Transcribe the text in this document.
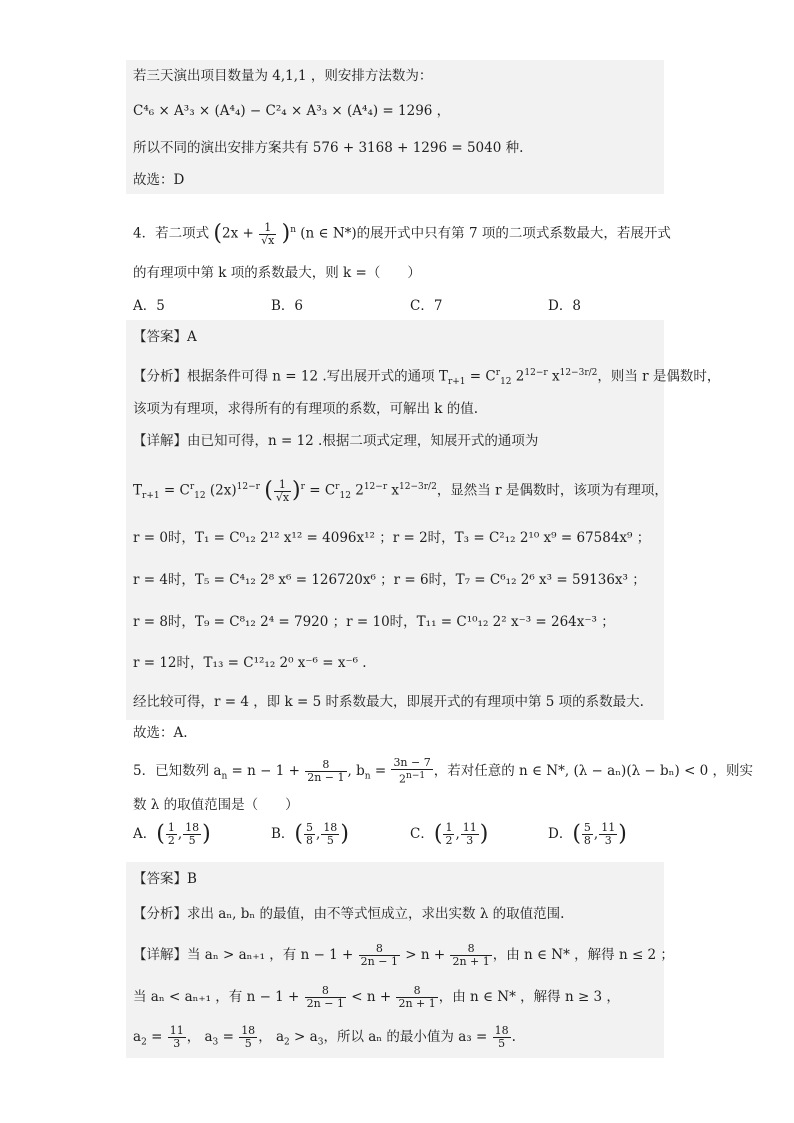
若三天演出项目数量为 4,1,1 ，则安排方法数为：
C⁴₆ × A³₃ × (A⁴₄) − C²₄ × A³₃ × (A⁴₄) = 1296 ，
所以不同的演出安排方案共有 576 + 3168 + 1296 = 5040 种.
故选：D
4．若二项式 $(2x + \frac{1}{√x} )^n$ (n ∈ N*)的展开式中只有第 7 项的二项式系数最大，若展开式
的有理项中第 k 项的系数最大，则 k =（　　）
A．5	B．6	C．7	D．8
【答案】A
【分析】根据条件可得 n = 12 .写出展开式的通项 $T_{r+1} = C^r_{12}$ $2^{12-r}$ $x^{12-3r/2}$，则当 r 是偶数时，
该项为有理项，求得所有的有理项的系数，可解出 k 的值.
【详解】由已知可得，n = 12 .根据二项式定理，知展开式的通项为
$T_{r+1} = C^r_{12}$ $(2x)^{12-r}$ ( $\frac{1}{√x} )^r = C^r_{12}$ $2^{12-r}$ $x^{12-3r/2}$，显然当 r 是偶数时，该项为有理项，
r = 0时，T₁ = C⁰₁₂ 2¹² x¹² = 4096x¹² ；r = 2时，T₃ = C²₁₂ 2¹⁰ x⁹ = 67584x⁹ ；
r = 4时，T₅ = C⁴₁₂ 2⁸ x⁶ = 126720x⁶ ；r = 6时，T₇ = C⁶₁₂ 2⁶ x³ = 59136x³ ；
r = 8时，T₉ = C⁸₁₂ 2⁴ = 7920 ；r = 10时，T₁₁ = C¹⁰₁₂ 2² x⁻³ = 264x⁻³ ；
r = 12时，T₁₃ = C¹²₁₂ 2⁰ x⁻⁶ = x⁻⁶ .
经比较可得，r = 4 ，即 k = 5 时系数最大，即展开式的有理项中第 5 项的系数最大.
故选：A.
5．已知数列 $a_n = n - 1 + \frac{8}{2n - 1}$ , $b_n = \frac{3n - 7}{2^{n-1}}$ ，若对任意的 n ∈ N*, (λ − aₙ)(λ − bₙ) < 0 ，则实
数 λ 的取值范围是（　　）
A．( $\frac{1}{2}$ , $\frac{18}{5}$ )	B．( $\frac{5}{8}$ , $\frac{18}{5}$ )	C．( $\frac{1}{2}$ , $\frac{11}{3}$ )	D．( $\frac{5}{8}$ , $\frac{11}{3}$ )
【答案】B
【分析】求出 aₙ, bₙ 的最值，由不等式恒成立，求出实数 λ 的取值范围.
【详解】当 aₙ > aₙ₊₁ ，有 $n - 1 + \frac{8}{2n - 1} > n + \frac{8}{2n + 1}$ ，由 n ∈ N* ，解得 n ≤ 2 ；
当 aₙ < aₙ₊₁ ，有 $n - 1 + \frac{8}{2n - 1} < n + \frac{8}{2n + 1}$ ，由 n ∈ N* ，解得 n ≥ 3 ，
$a_2 = \frac{11}{3}$ ， $a_3 = \frac{18}{5}$ ， $a_2 > a_3$，所以 aₙ 的最小值为 $a_3 = \frac{18}{5}$ .
